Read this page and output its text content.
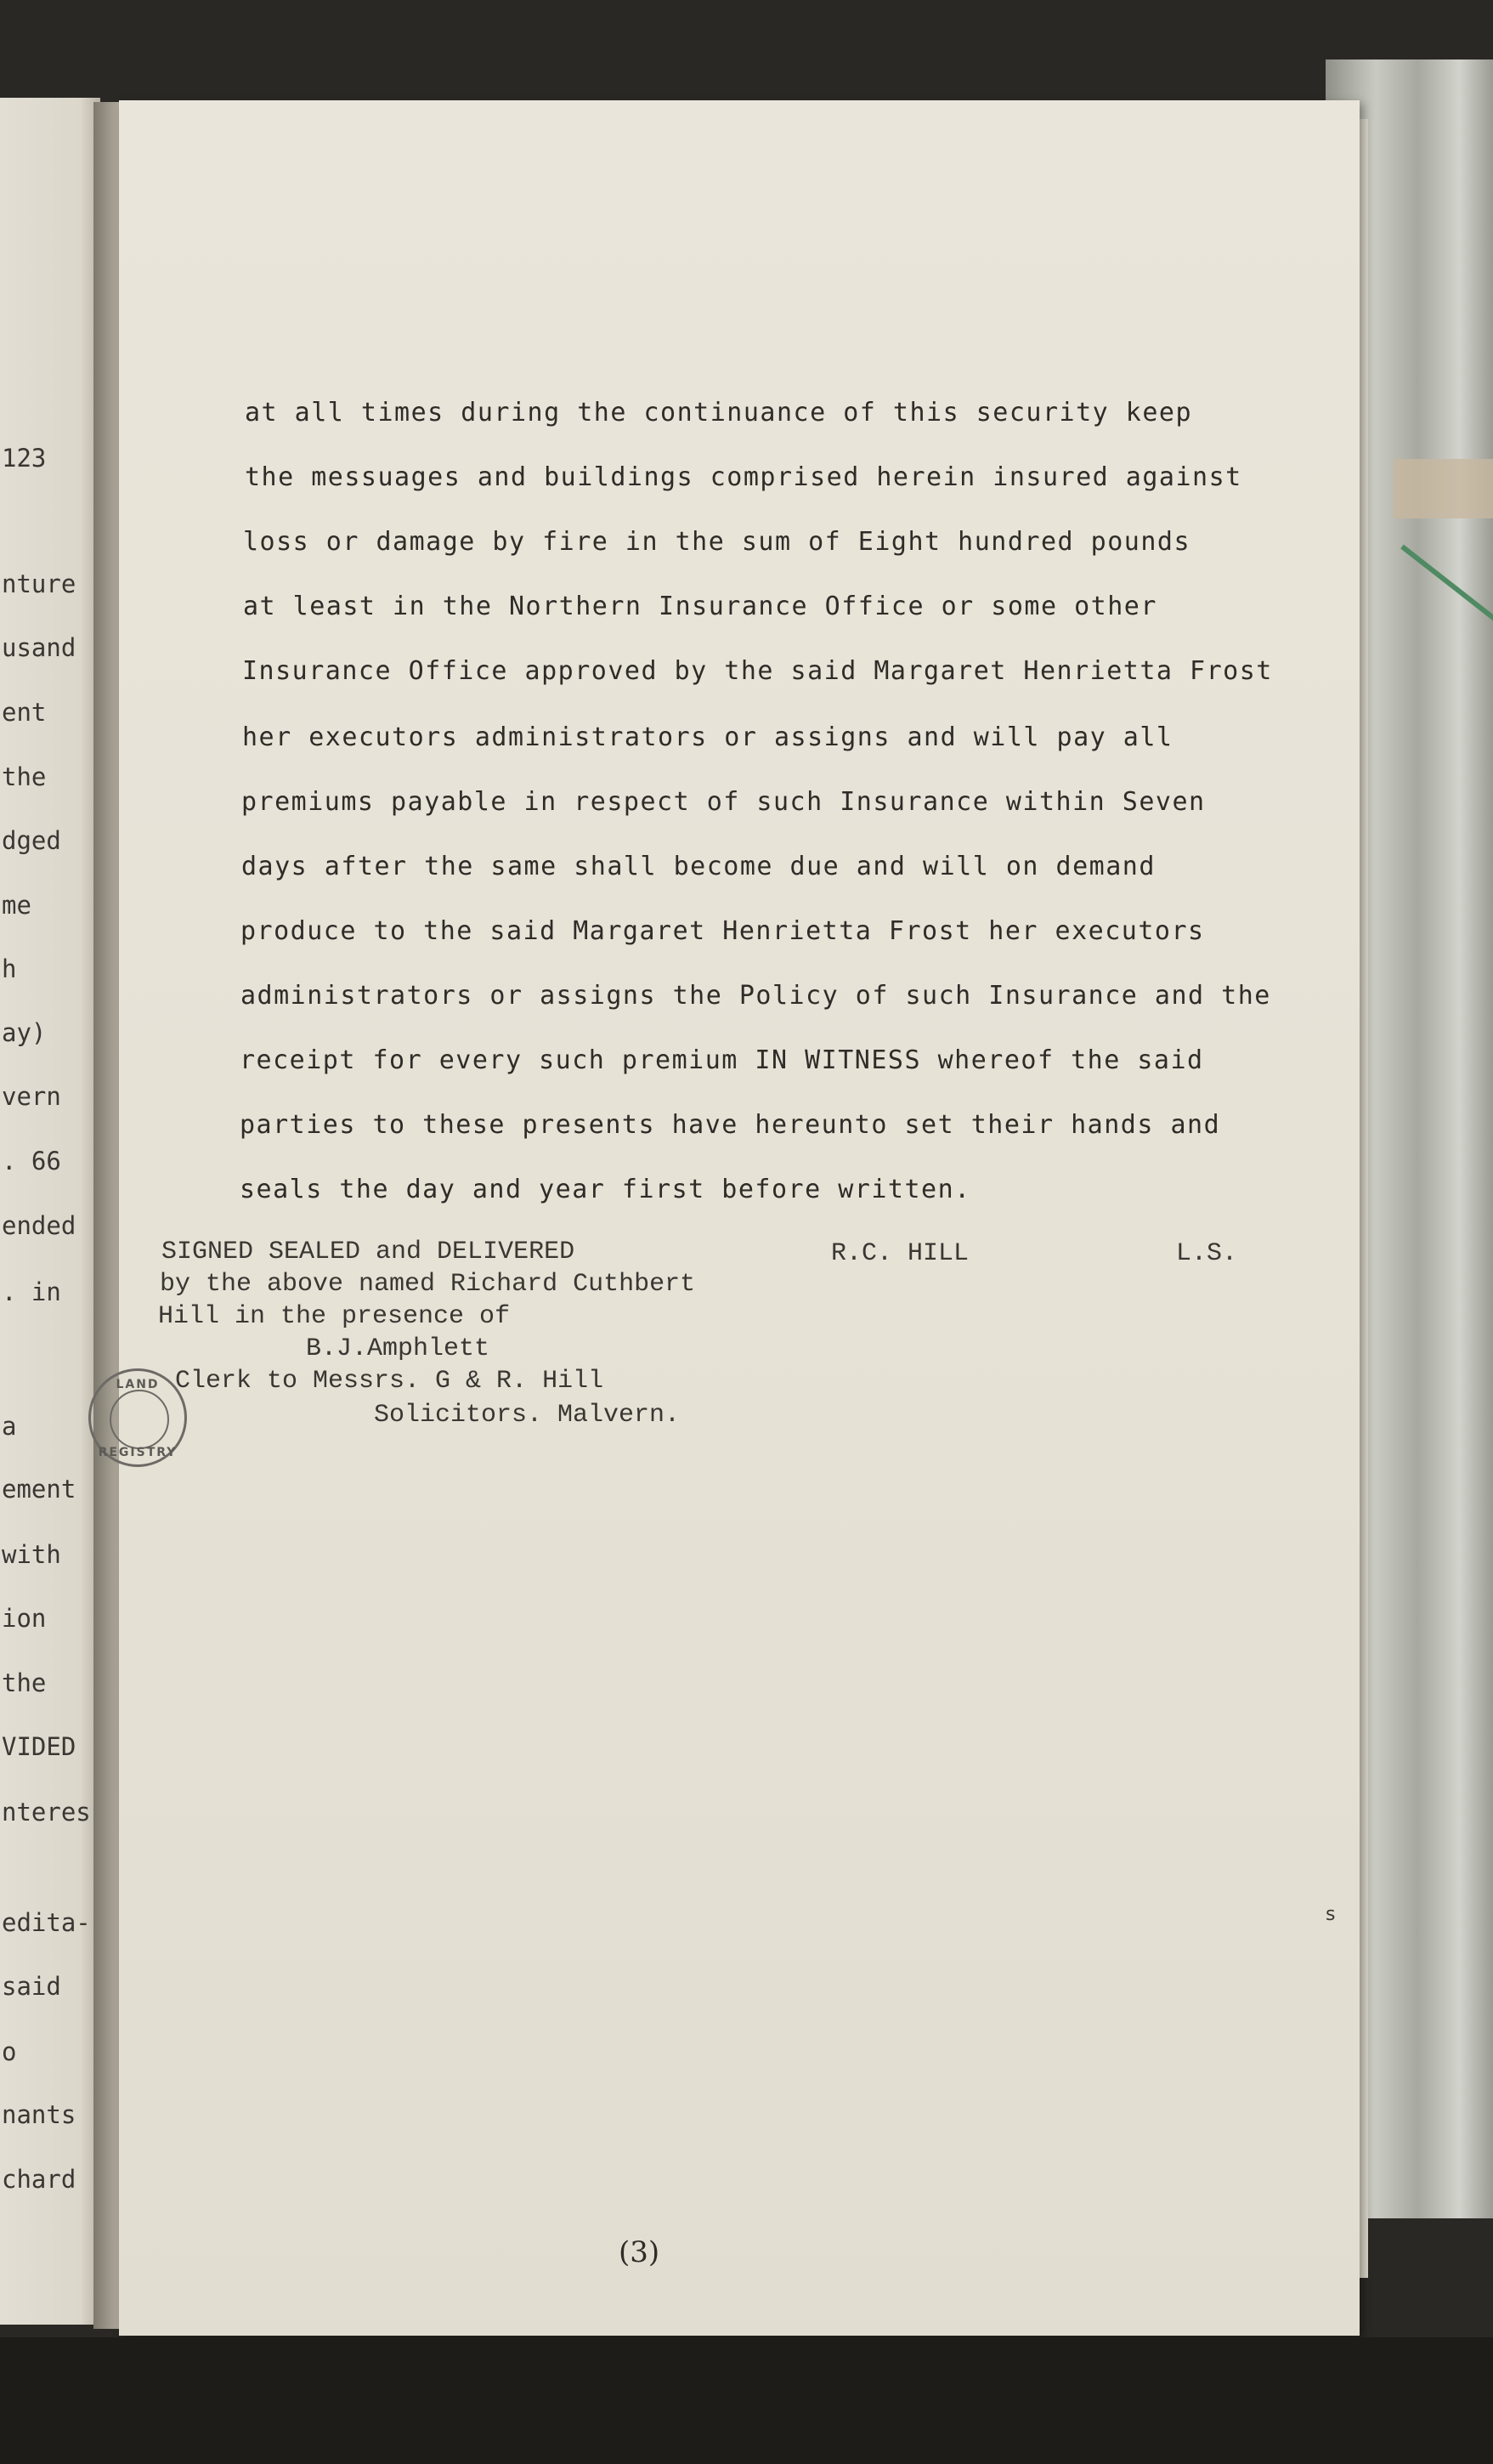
123
nture
usand
ent
the
dged
me
h
ay)
vern
. 66
ended
. in
a
ement
with
ion
the
VIDED
nteres
edita-
said
o
nants
chard
at all times during the continuance of this security keep
the messuages and buildings comprised herein insured against
loss or damage by fire in the sum of Eight hundred pounds
at least in the Northern Insurance Office or some other
Insurance Office approved by the said Margaret Henrietta Frost
her executors administrators or assigns and will pay all
premiums payable in respect of such Insurance within Seven
days after the same shall become due and will on demand
produce to the said Margaret Henrietta Frost her executors
administrators or assigns the Policy of such Insurance and the
receipt for every such premium IN WITNESS whereof the said
parties to these presents have hereunto set their hands and
seals the day and year first before written.
SIGNED SEALED and DELIVERED
by the above named Richard Cuthbert
Hill in the presence of
B.J.Amphlett
Clerk to Messrs. G & R. Hill
Solicitors. Malvern.
R.C. HILL	L.S.
(3)
LAND
REGISTRY
s
